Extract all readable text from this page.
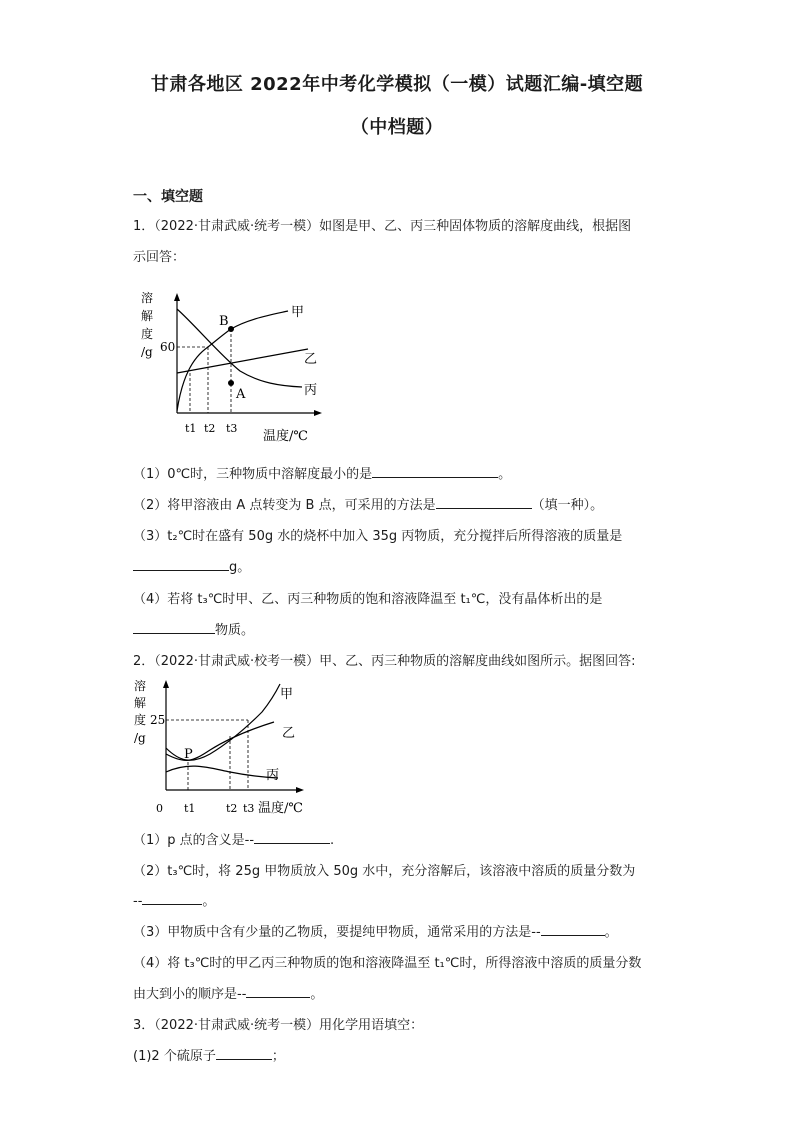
甘肃各地区 2022年中考化学模拟（一模）试题汇编-填空题
（中档题）
一、填空题
1．（2022·甘肃武威·统考一模）如图是甲、乙、丙三种固体物质的溶解度曲线，根据图
示回答：
溶
解
度
/g 60
B
A
甲
乙
丙
t1 t2 t3
温度/℃
（1）0℃时，三种物质中溶解度最小的是	。
（2）将甲溶液由 A 点转变为 B 点，可采用的方法是	（填一种）。
（3）t₂℃时在盛有 50g 水的烧杯中加入 35g 丙物质，充分搅拌后所得溶液的质量是
g。
（4）若将 t₃℃时甲、乙、丙三种物质的饱和溶液降温至 t₁℃，没有晶体析出的是
物质。
2．（2022·甘肃武威·校考一模）甲、乙、丙三种物质的溶解度曲线如图所示。据图回答:
溶
解
度
/g
25
P
甲
乙
丙
0 t1	t2 t3 温度/℃
（1）p 点的含义是--	.
（2）t₃℃时，将 25g 甲物质放入 50g 水中，充分溶解后，该溶液中溶质的质量分数为
--	。
（3）甲物质中含有少量的乙物质，要提纯甲物质，通常采用的方法是--	。
（4）将 t₃℃时的甲乙丙三种物质的饱和溶液降温至 t₁℃时，所得溶液中溶质的质量分数
由大到小的顺序是--	。
3．（2022·甘肃武威·统考一模）用化学用语填空：
(1)2 个硫原子	；
